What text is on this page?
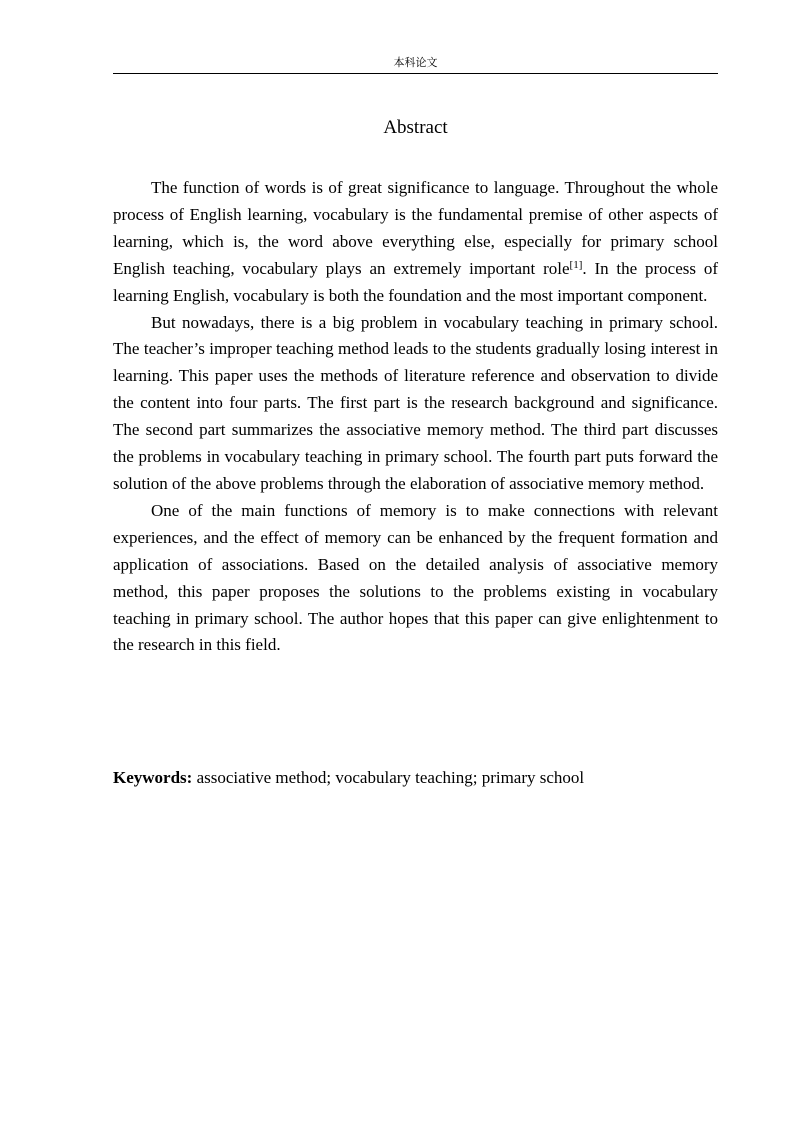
本科论文
Abstract

The function of words is of great significance to language. Throughout the whole process of English learning, vocabulary is the fundamental premise of other aspects of learning, which is, the word above everything else, especially for primary school English teaching, vocabulary plays an extremely important role[1]. In the process of learning English, vocabulary is both the foundation and the most important component.

But nowadays, there is a big problem in vocabulary teaching in primary school. The teacher’s improper teaching method leads to the students gradually losing interest in learning. This paper uses the methods of literature reference and observation to divide the content into four parts. The first part is the research background and significance. The second part summarizes the associative memory method. The third part discusses the problems in vocabulary teaching in primary school. The fourth part puts forward the solution of the above problems through the elaboration of associative memory method.

One of the main functions of memory is to make connections with relevant experiences, and the effect of memory can be enhanced by the frequent formation and application of associations. Based on the detailed analysis of associative memory method, this paper proposes the solutions to the problems existing in vocabulary teaching in primary school. The author hopes that this paper can give enlightenment to the research in this field.

Keywords: associative method; vocabulary teaching; primary school
